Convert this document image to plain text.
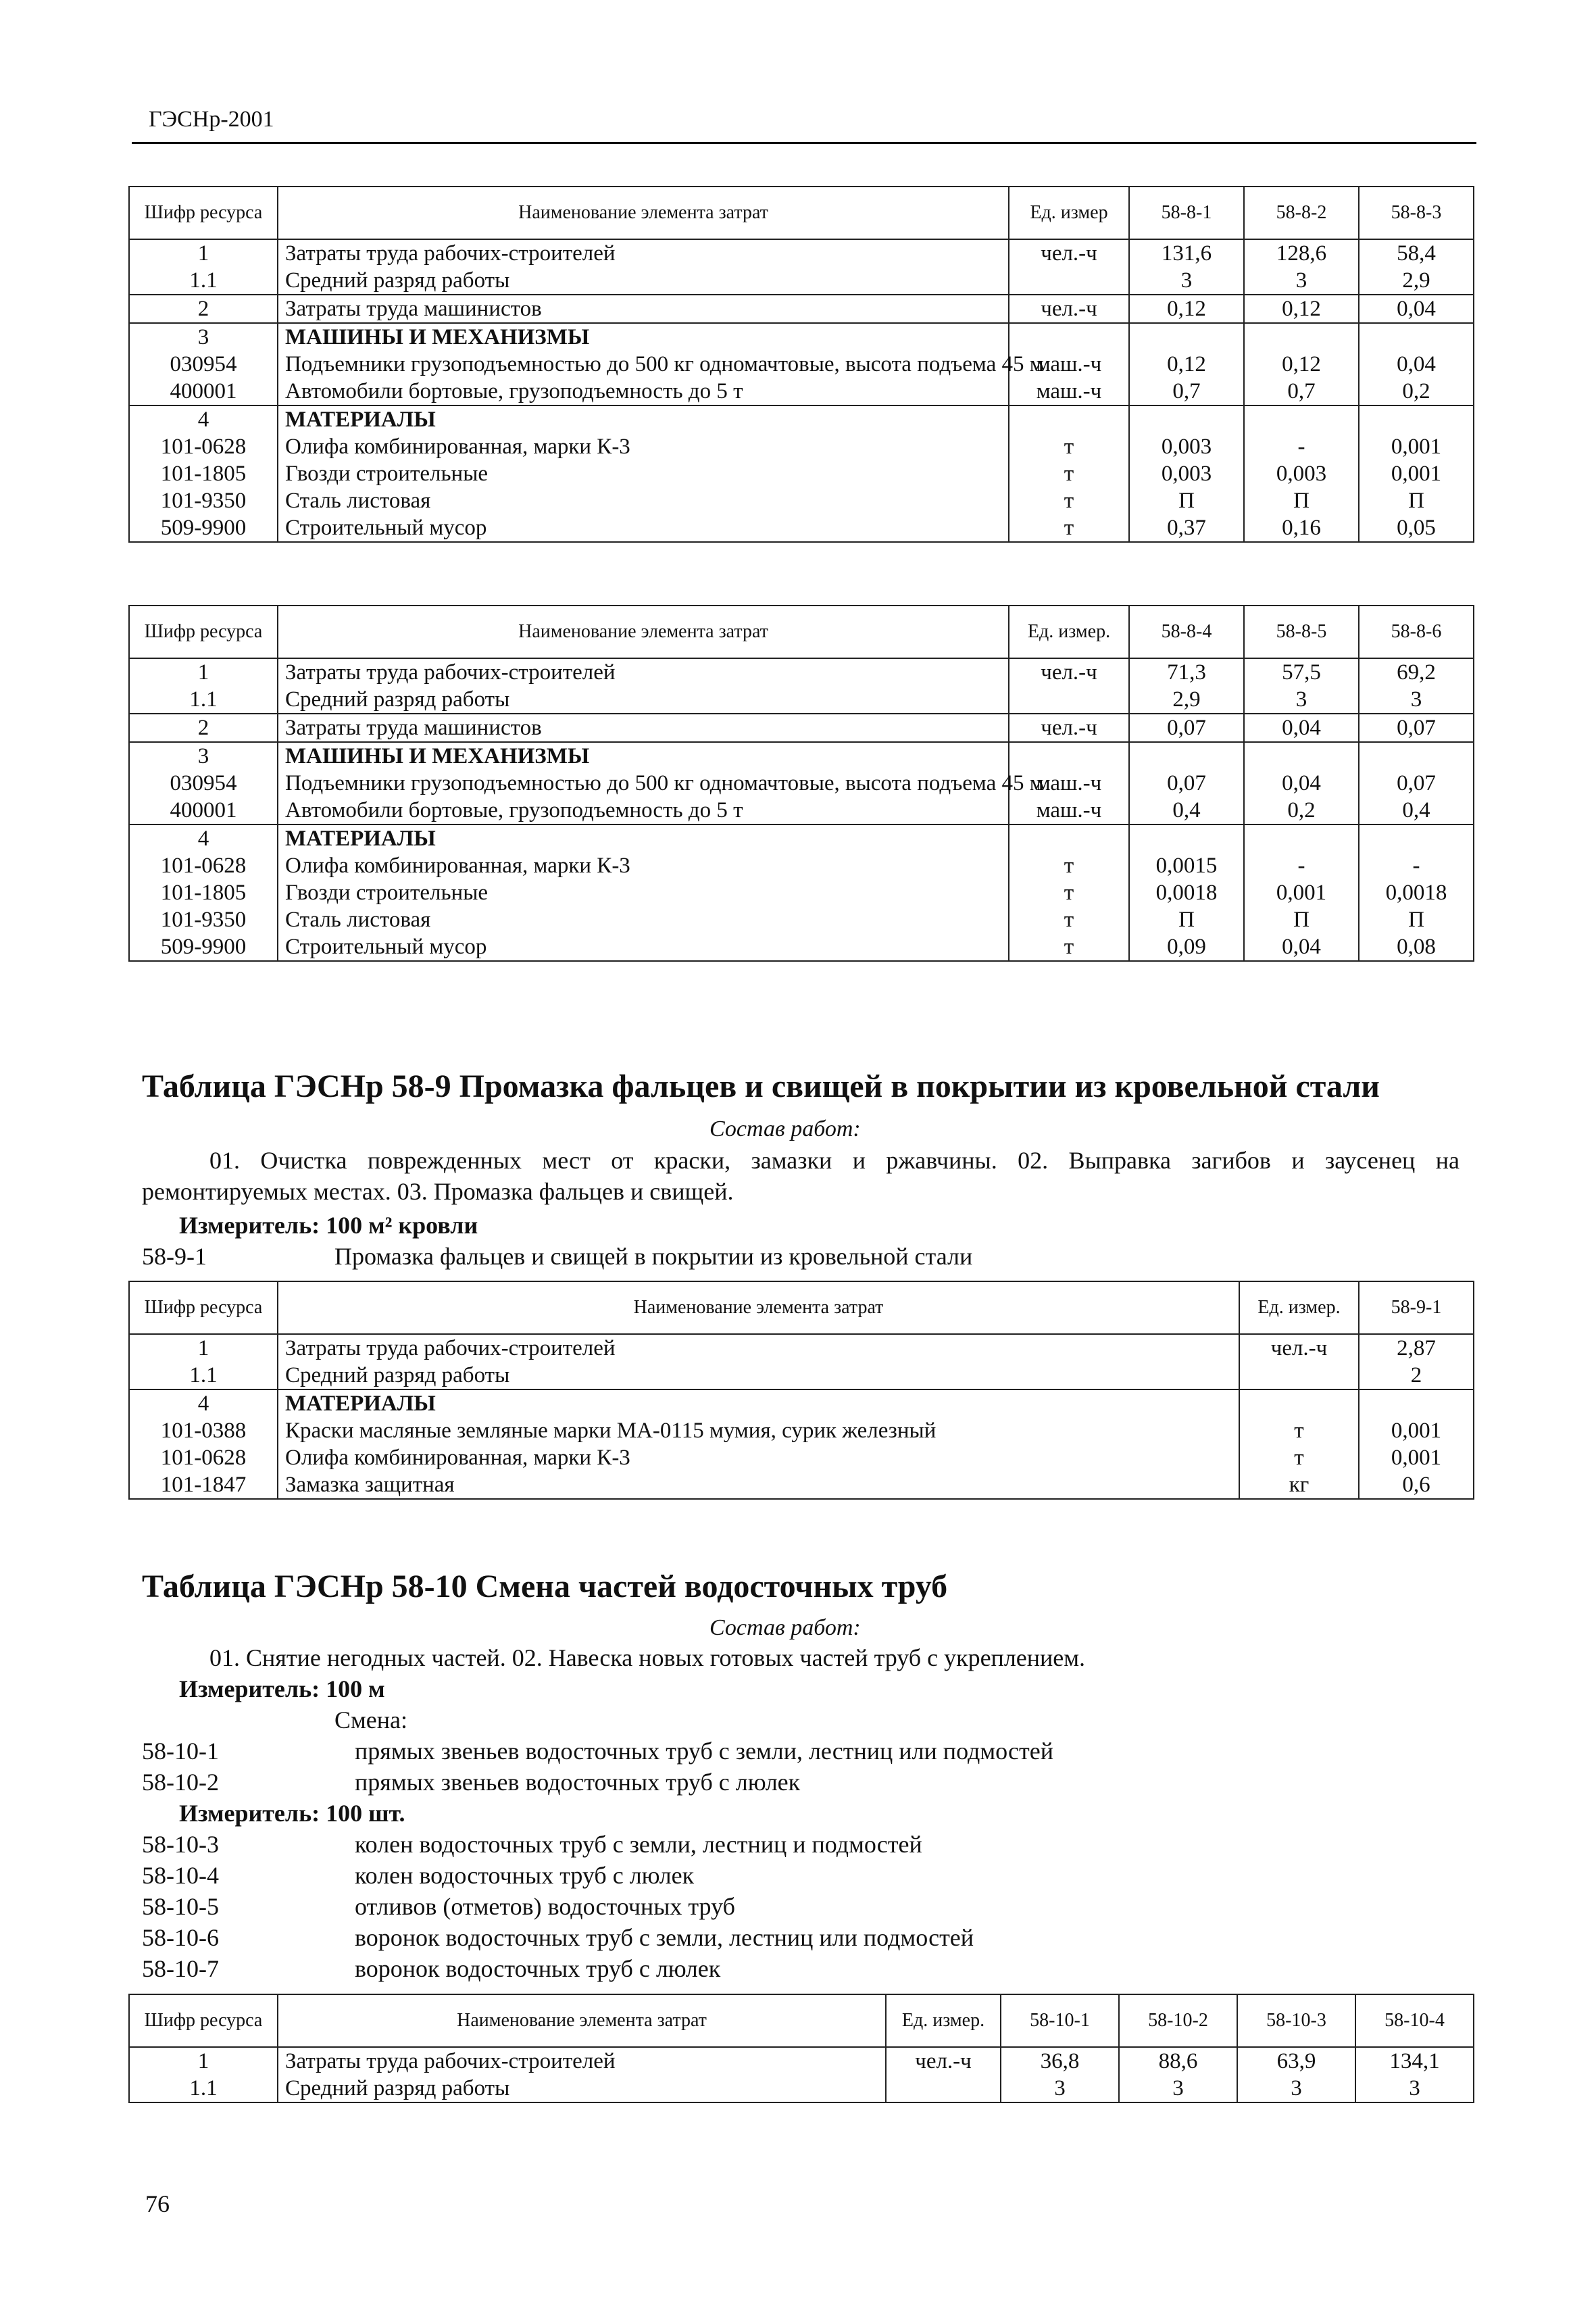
ГЭСНр-2001
Шифр ресурса	Наименование элемента затрат	Ед. измер	58-8-1	58-8-2	58-8-3
1	Затраты труда рабочих-строителей	чел.-ч	131,6	128,6	58,4
1.1	Средний разряд работы		3	3	2,9
2	Затраты труда машинистов	чел.-ч	0,12	0,12	0,04
3	МАШИНЫ И МЕХАНИЗМЫ				
030954	Подъемники грузоподъемностью до 500 кг одномачтовые, высота подъема 45 м	маш.-ч	0,12	0,12	0,04
400001	Автомобили бортовые, грузоподъемность до 5 т	маш.-ч	0,7	0,7	0,2
4	МАТЕРИАЛЫ				
101-0628	Олифа комбинированная, марки К-3	т	0,003	-	0,001
101-1805	Гвозди строительные	т	0,003	0,003	0,001
101-9350	Сталь листовая	т	П	П	П
509-9900	Строительный мусор	т	0,37	0,16	0,05
Шифр ресурса	Наименование элемента затрат	Ед. измер.	58-8-4	58-8-5	58-8-6
1	Затраты труда рабочих-строителей	чел.-ч	71,3	57,5	69,2
1.1	Средний разряд работы		2,9	3	3
2	Затраты труда машинистов	чел.-ч	0,07	0,04	0,07
3	МАШИНЫ И МЕХАНИЗМЫ				
030954	Подъемники грузоподъемностью до 500 кг одномачтовые, высота подъема 45 м	маш.-ч	0,07	0,04	0,07
400001	Автомобили бортовые, грузоподъемность до 5 т	маш.-ч	0,4	0,2	0,4
4	МАТЕРИАЛЫ				
101-0628	Олифа комбинированная, марки К-3	т	0,0015	-	-
101-1805	Гвозди строительные	т	0,0018	0,001	0,0018
101-9350	Сталь листовая	т	П	П	П
509-9900	Строительный мусор	т	0,09	0,04	0,08
Таблица ГЭСНр 58-9 Промазка фальцев и свищей в покрытии из кровельной стали
Состав работ:
01. Очистка поврежденных мест от краски, замазки и ржавчины. 02. Выправка загибов и заусенец на
ремонтируемых местах. 03. Промазка фальцев и свищей.
Измеритель: 100 м² кровли
58-9-1	Промазка фальцев и свищей в покрытии из кровельной стали
Шифр ресурса	Наименование элемента затрат	Ед. измер.	58-9-1
1	Затраты труда рабочих-строителей	чел.-ч	2,87
1.1	Средний разряд работы		2
4	МАТЕРИАЛЫ		
101-0388	Краски масляные земляные марки МА-0115 мумия, сурик железный	т	0,001
101-0628	Олифа комбинированная, марки К-3	т	0,001
101-1847	Замазка защитная	кг	0,6
Таблица ГЭСНр 58-10 Смена частей водосточных труб
Состав работ:
01. Снятие негодных частей. 02. Навеска новых готовых частей труб с укреплением.
Измеритель: 100 м
Смена:
58-10-1	прямых звеньев водосточных труб с земли, лестниц или подмостей
58-10-2	прямых звеньев водосточных труб с люлек
Измеритель: 100 шт.
58-10-3	колен водосточных труб с земли, лестниц и подмостей
58-10-4	колен водосточных труб с люлек
58-10-5	отливов (отметов) водосточных труб
58-10-6	воронок водосточных труб с земли, лестниц или подмостей
58-10-7	воронок водосточных труб с люлек
Шифр ресурса	Наименование элемента затрат	Ед. измер.	58-10-1	58-10-2	58-10-3	58-10-4
1	Затраты труда рабочих-строителей	чел.-ч	36,8	88,6	63,9	134,1
1.1	Средний разряд работы		3	3	3	3
76
